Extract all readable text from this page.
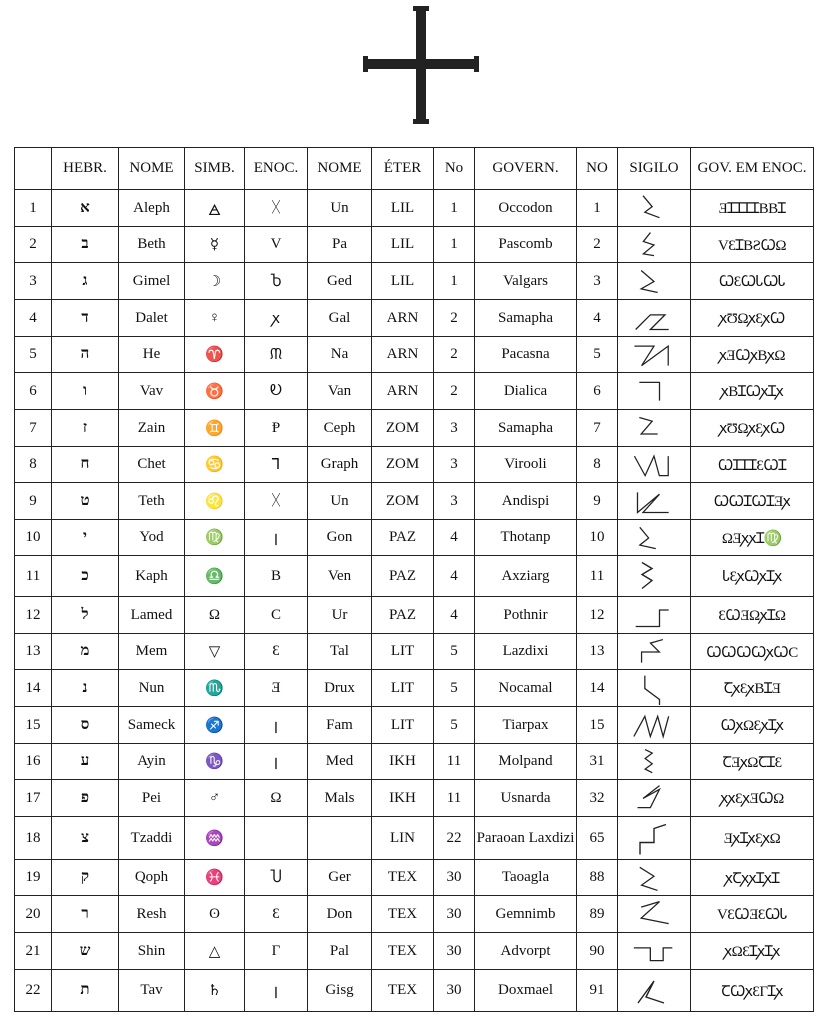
	HEBR.	NOME	SIMB.	ENOC.	NOME	ÉTER	No	GOVERN.	NO	SIGILO	GOV. EM ENOC.
1	א	Aleph	🜁	ᚷ	Un	LIL	1	Occodon	1		ƎꞮꞮꞮꞮBBꞮ
2	ב	Beth	☿	V	Pa	LIL	1	Pascomb	2		VƐꞮBƧꞶΩ
3	ג	Gimel	☽	Ⴆ	Ged	LIL	1	Valgars	3		ꞶƐꞶᏓꞶᏓ
4	ד	Dalet	♀	ꭗ	Gal	ARN	2	Samapha	4		ꭗƱΩꭗƐꭗꞶ
5	ה	He	♈	ᙏ	Na	ARN	2	Pacasna	5		ꭗƎꞶꭗBꭗΩ
6	ו	Vav	♉	Ꭷ	Van	ARN	2	Dialica	6		ꭗBꞮꞶꭗꞮꭗ
7	ז	Zain	♊	Ᵽ	Ceph	ZOM	3	Samapha	7		ꭗƱΩꭗƐꭗꞶ
8	ח	Chet	♋	ꓶ	Graph	ZOM	3	Virooli	8		ꞶꞮꞮꞮƐꞶꞮ
9	ט	Teth	♌	ᚷ	Un	ZOM	3	Andispi	9		ꞶꞶꞮꞶꞮƎꭗ
10	י	Yod	♍	ꞁ	Gon	PAZ	4	Thotanp	10		ΩƎꭗꭗꞮ♍
11	כ	Kaph	♎	B	Ven	PAZ	4	Axziarg	11		ᏓƐꭗꞶꭗꞮꭗ
12	ל	Lamed	Ω	C	Ur	PAZ	4	Pothnir	12		ƐꞶƎΩꭗꞮΩ
13	מ	Mem	▽	Ɛ	Tal	LIT	5	Lazdixi	13		ꞶꞶꞶꞶꭗꞶC
14	נ	Nun	♏	Ǝ	Drux	LIT	5	Nocamal	14		ꞆꭗƐꭗBꞮƎ
15	ס	Sameck	♐	ꞁ	Fam	LIT	5	Tiarpax	15		ꞶꭗΩƐꭗꞮꭗ
16	ע	Ayin	♑	ꞁ	Med	IKH	11	Molpand	31		ꞆƎꭗΩꞆꞮƐ
17	פ	Pei	♂	Ω	Mals	IKH	11	Usnarda	32		ꭗꭗƐꭗƎꞶΩ
18	צ	Tzaddi	♒			LIN	22	Paraoan Laxdizi	65		ƎꭗꞮꭗƐꭗΩ
19	ק	Qoph	♓	Ⴎ	Ger	TEX	30	Taoagla	88		ꭗꞆꭗꭗꞮꭗꞮ
20	ר	Resh	ʘ	Ɛ	Don	TEX	30	Gemnimb	89		VƐꞶƎƐꞶᏓ
21	ש	Shin	△	Γ	Pal	TEX	30	Advorpt	90		ꭗΩƐꞮꭗꞮꭗ
22	ת	Tav	♄	ꞁ	Gisg	TEX	30	Doxmael	91		ꞆꞶꭗƐΓꞮꭗ
